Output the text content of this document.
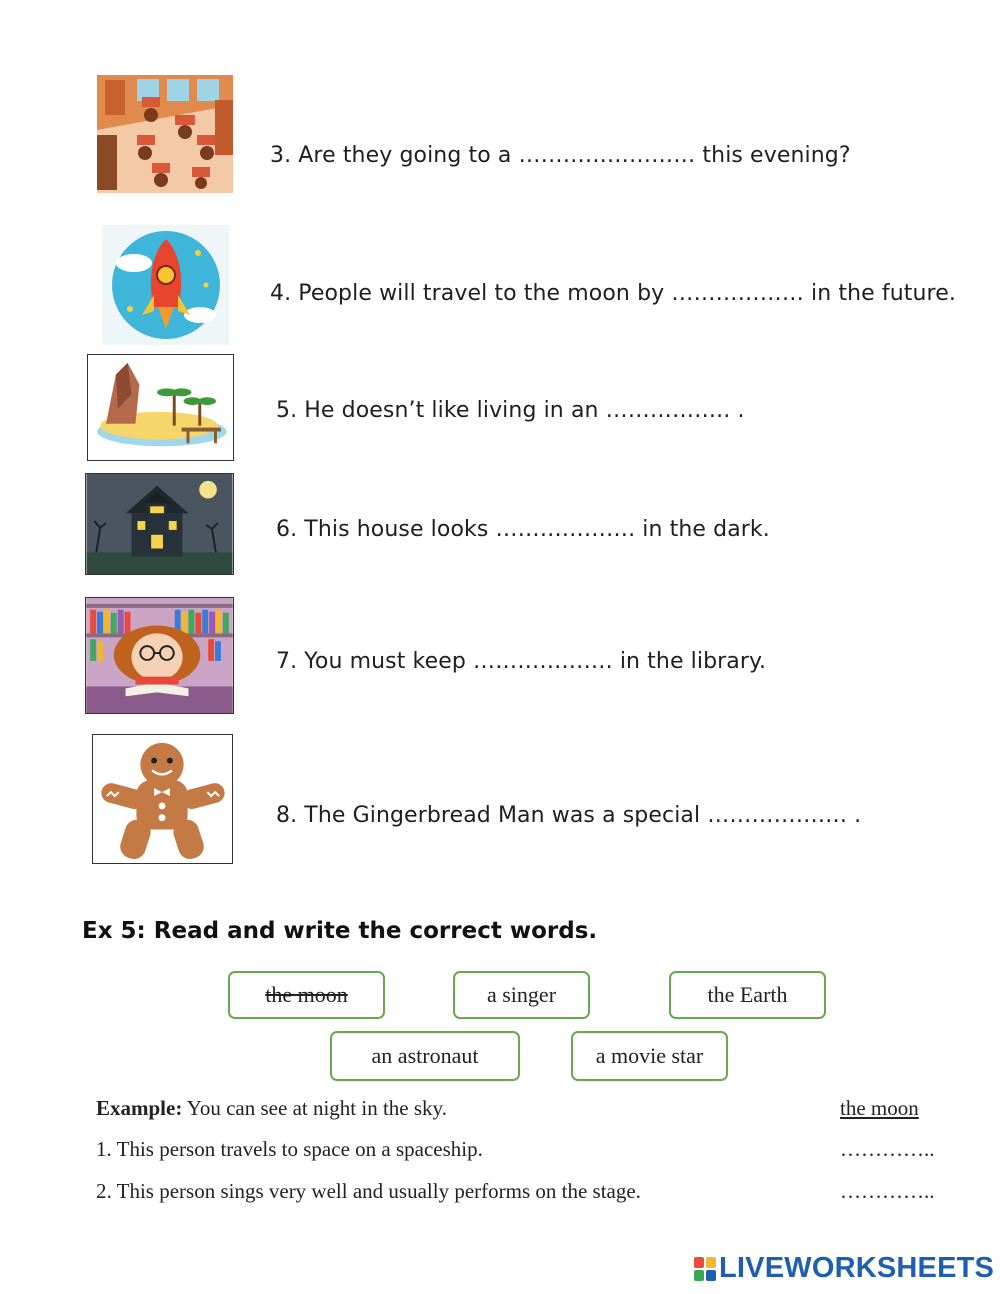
3. Are they going to a …………………… this evening?
4. People will travel to the moon by ……………… in the future.
5. He doesn’t like living in an …………….. .
6. This house looks ………………. in the dark.
7. You must keep ………………. in the library.
8. The Gingerbread Man was a special ………………. .
Ex 5: Read and write the correct words.
the moon	a singer	the Earth
an astronaut	a movie star
Example: You can see at night in the sky.	the moon
1. This person travels to space on a spaceship.	…………..
2. This person sings very well and usually performs on the stage.	…………..
LIVEWORKSHEETS
